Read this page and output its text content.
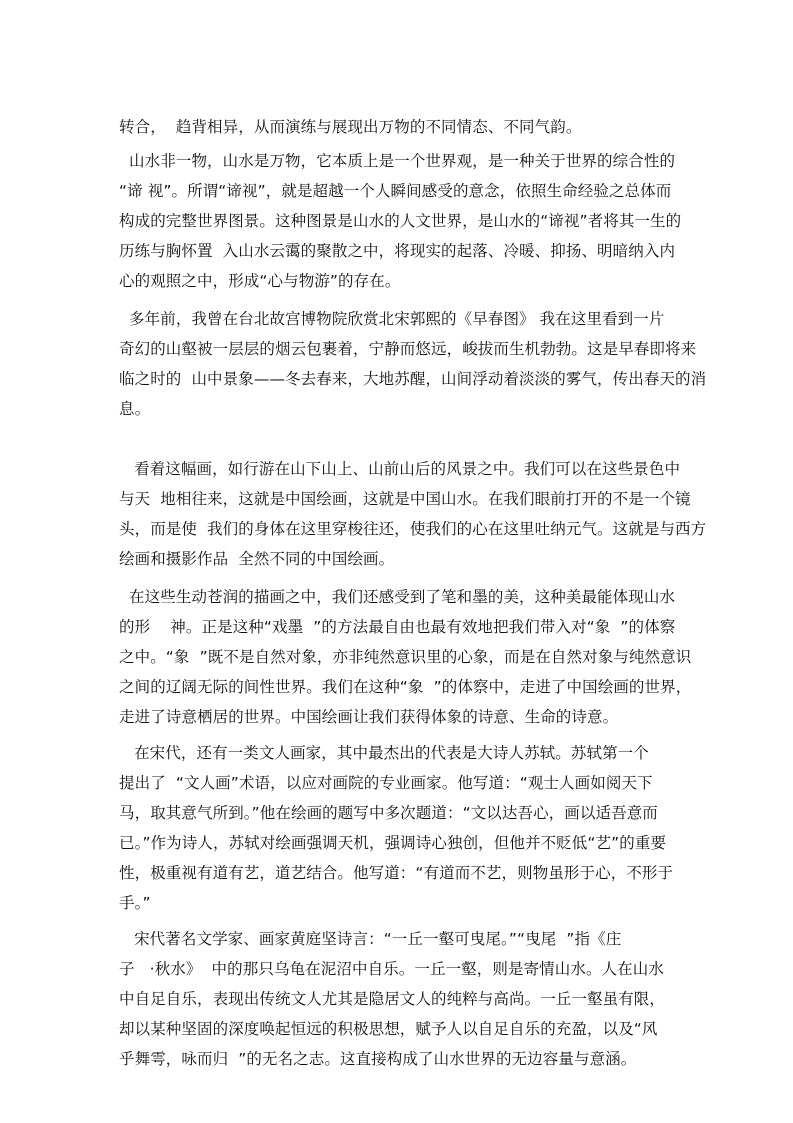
转合，  趋背相异，从而演练与展现出万物的不同情态、不同气韵。
山水非一物，山水是万物，它本质上是一个世界观，是一种关于世界的综合性的
“谛 视”。所谓“谛视”，就是超越一个人瞬间感受的意念，依照生命经验之总体而
构成的完整世界图景。这种图景是山水的人文世界，是山水的“谛视”者将其一生的
历练与胸怀置  入山水云霭的聚散之中，将现实的起落、冷暖、抑扬、明暗纳入内
心的观照之中，形成“心与物游”的存在。
多年前，我曾在台北故宫博物院欣赏北宋郭熙的《早春图》 我在这里看到一片
奇幻的山壑被一层层的烟云包裹着，宁静而悠远，峻拔而生机勃勃。这是早春即将来
临之时的  山中景象——冬去春来，大地苏醒，山间浮动着淡淡的雾气，传出春天的消
息。
看着这幅画，如行游在山下山上、山前山后的风景之中。我们可以在这些景色中
与天  地相往来，这就是中国绘画，这就是中国山水。在我们眼前打开的不是一个镜
头，而是使  我们的身体在这里穿梭往还，使我们的心在这里吐纳元气。这就是与西方
绘画和摄影作品  全然不同的中国绘画。
在这些生动苍润的描画之中，我们还感受到了笔和墨的美，这种美最能体现山水
的形    神。正是这种“戏墨  ”的方法最自由也最有效地把我们带入对“象  ”的体察
之中。“象  ”既不是自然对象，亦非纯然意识里的心象，而是在自然对象与纯然意识
之间的辽阔无际的间性世界。我们在这种“象  ”的体察中，走进了中国绘画的世界，
走进了诗意栖居的世界。中国绘画让我们获得体象的诗意、生命的诗意。
在宋代，还有一类文人画家，其中最杰出的代表是大诗人苏轼。苏轼第一个
提出了  “文人画”术语，以应对画院的专业画家。他写道：“观士人画如阅天下
马，取其意气所到。”他在绘画的题写中多次题道：“文以达吾心，画以适吾意而
已。”作为诗人，苏轼对绘画强调天机，强调诗心独创，但他并不贬低“艺”的重要
性，极重视有道有艺，道艺结合。他写道：“有道而不艺，则物虽形于心，不形于
手。”
宋代著名文学家、画家黄庭坚诗言：“一丘一壑可曳尾。”“曳尾  ”指《庄
子   ·秋水》  中的那只乌龟在泥沼中自乐。一丘一壑，则是寄情山水。人在山水
中自足自乐，表现出传统文人尤其是隐居文人的纯粹与高尚。一丘一壑虽有限，
却以某种坚固的深度唤起恒远的积极思想，赋予人以自足自乐的充盈，以及“风
乎舞雩，咏而归  ”的无名之志。这直接构成了山水世界的无边容量与意涵。
